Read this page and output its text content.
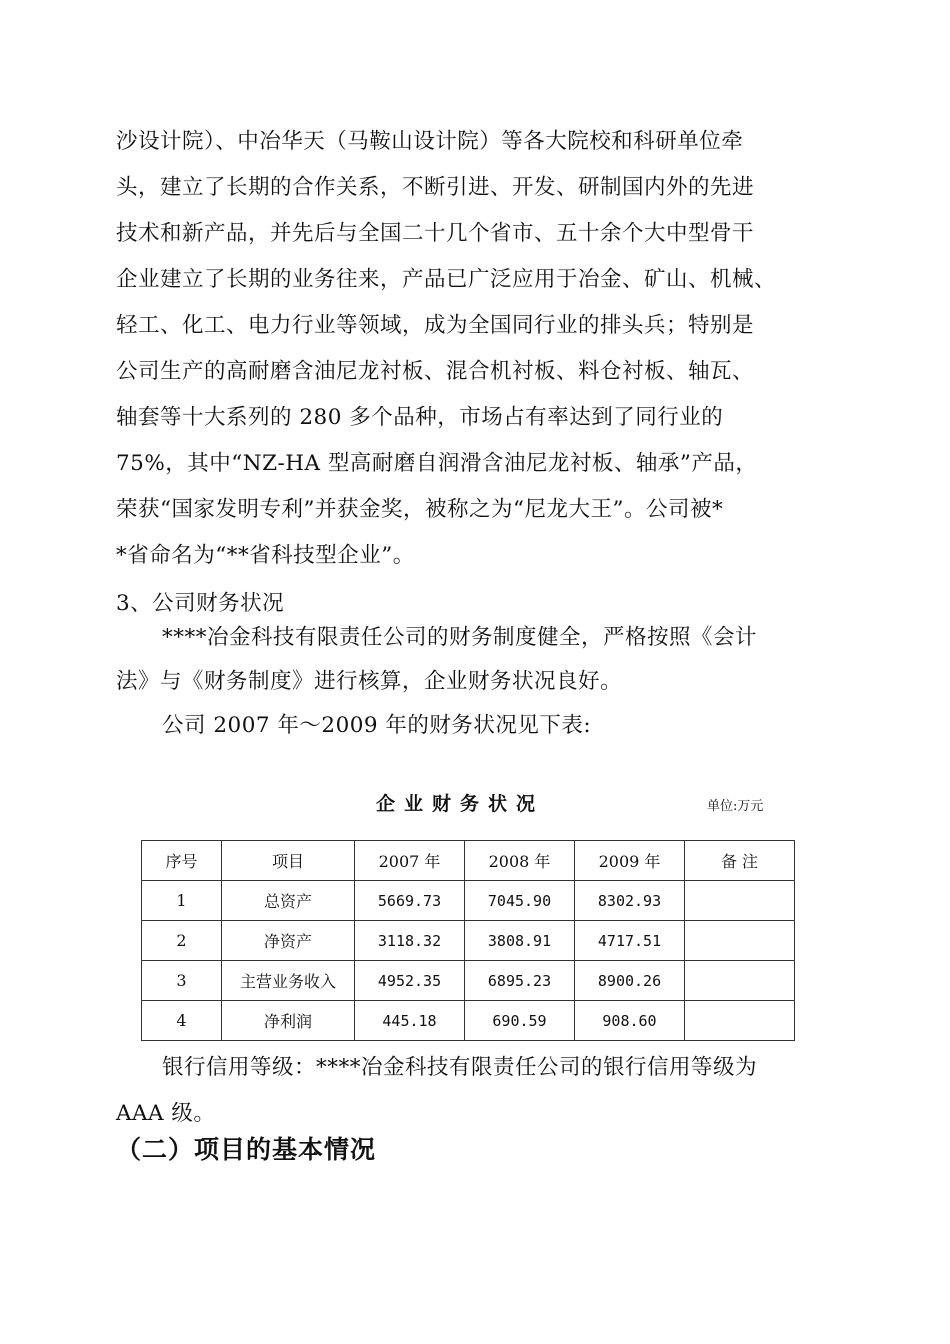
沙设计院）、中冶华天（马鞍山设计院）等各大院校和科研单位牵
头，建立了长期的合作关系，不断引进、开发、研制国内外的先进
技术和新产品，并先后与全国二十几个省市、五十余个大中型骨干
企业建立了长期的业务往来，产品已广泛应用于冶金、矿山、机械、
轻工、化工、电力行业等领域，成为全国同行业的排头兵；特别是
公司生产的高耐磨含油尼龙衬板、混合机衬板、料仓衬板、轴瓦、
轴套等十大系列的 280 多个品种，市场占有率达到了同行业的
75%，其中“NZ-HA 型高耐磨自润滑含油尼龙衬板、轴承”产品，
荣获“国家发明专利”并获金奖，被称之为“尼龙大王”。公司被*
*省命名为“**省科技型企业”。
3、公司财务状况
****冶金科技有限责任公司的财务制度健全，严格按照《会计
法》与《财务制度》进行核算，企业财务状况良好。
公司 2007 年～2009 年的财务状况见下表:
企业财务状况	单位:万元
序号	项目	2007 年	2008 年	2009 年	备 注
1	总资产	5669.73	7045.90	8302.93	
2	净资产	3118.32	3808.91	4717.51	
3	主营业务收入	4952.35	6895.23	8900.26	
4	净利润	445.18	690.59	908.60	
银行信用等级：****冶金科技有限责任公司的银行信用等级为
AAA 级。
（二）项目的基本情况
